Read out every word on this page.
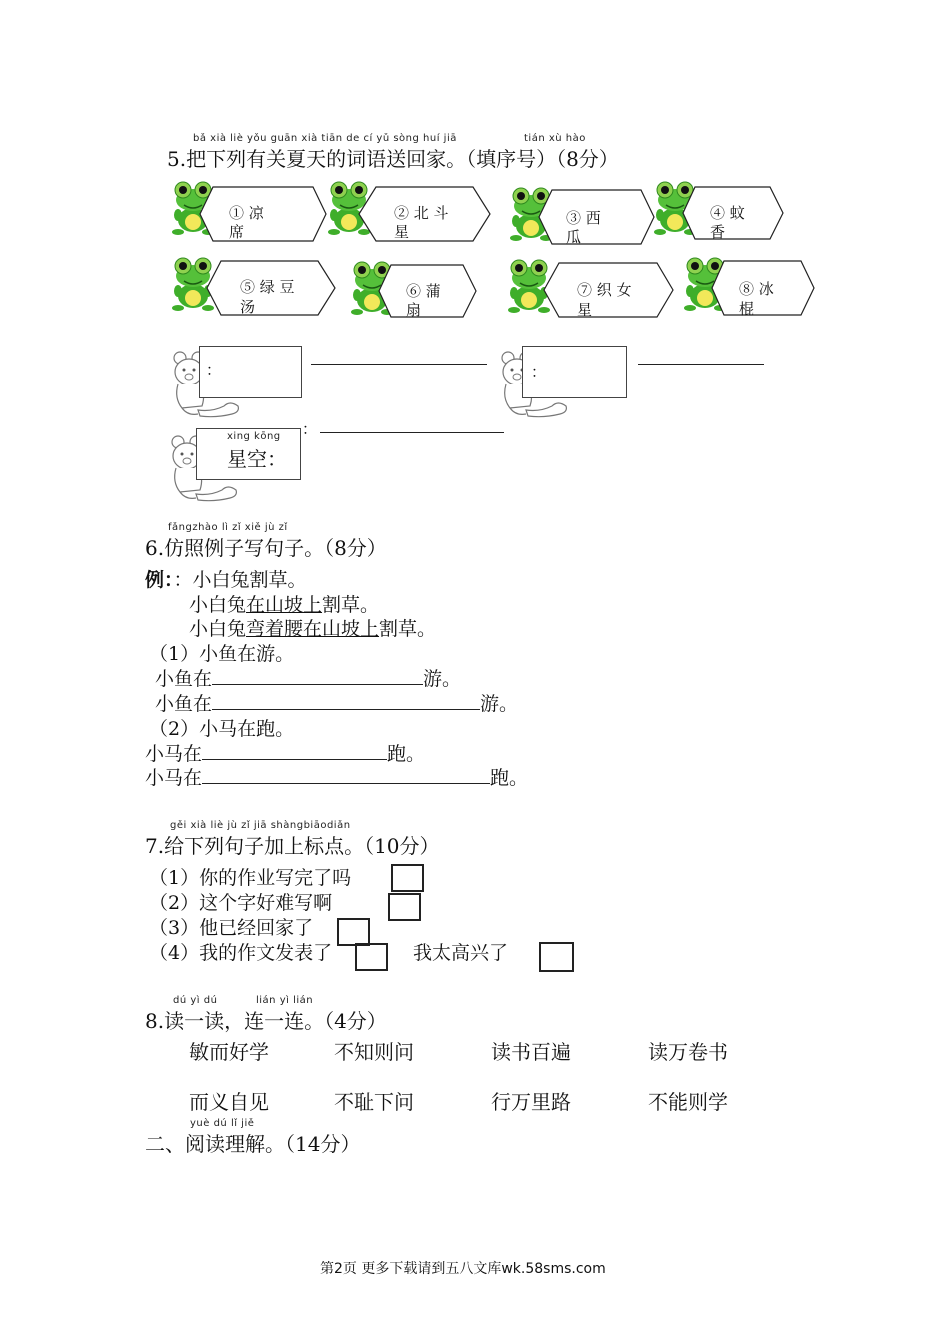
bǎ xià liè yǒu guān xià tiān de cí yǔ sòng huí jiā	tián xù hào
5.把下列有关夏天的词语送回家。（填序号）（8分）
① 凉
席
② 北 斗
星
③ 西
瓜
④ 蚊
香
⑤ 绿 豆
汤
⑥ 蒲
扇
⑦ 织 女
星
⑧ 冰
棍
：	：
xing kōng
星空：
：
fǎngzhào lì zǐ xiě jù zǐ
6.仿照例子写句子。（8分）
例：：小白兔割草。
小白兔在山坡上割草。
小白兔弯着腰在山坡上割草。
（1）小鱼在游。
小鱼在	游。
小鱼在	游。
（2）小马在跑。
小马在	跑。
小马在	跑。
gěi xià liè jù zǐ jiā shàngbiāodiǎn
7.给下列句子加上标点。（10分）
（1）你的作业写完了吗
（2）这个字好难写啊
（3）他已经回家了
（4）我的作文发表了	我太高兴了
dú yì dú	lián yì lián
8.读一读，连一连。（4分）
敏而好学	不知则问	读书百遍	读万卷书
而义自见	不耻下问	行万里路	不能则学
yuè dú lǐ jiě
二、阅读理解。（14分）
第2页 更多下载请到五八文库wk.58sms.com
